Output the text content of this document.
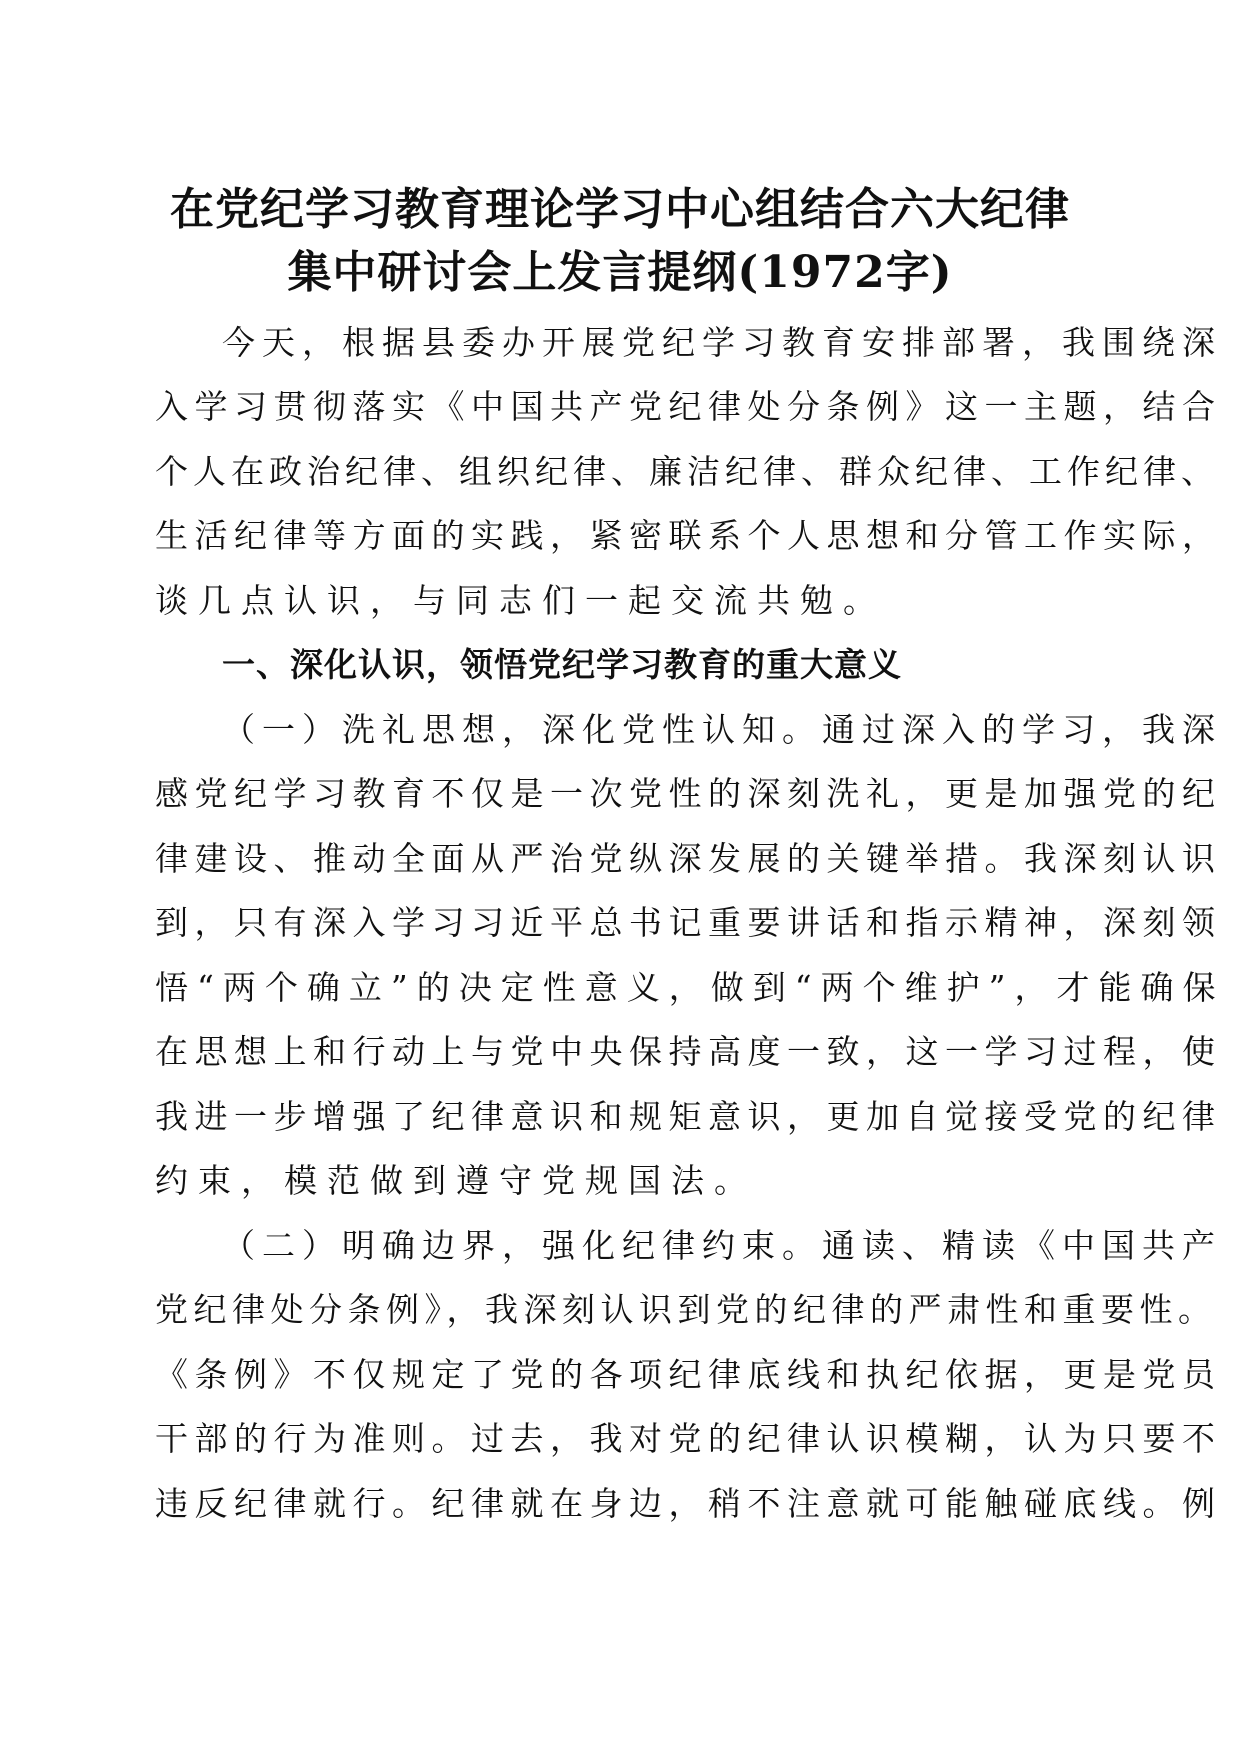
在党纪学习教育理论学习中心组结合六大纪律
集中研讨会上发言提纲(1972字)
今天，根据县委办开展党纪学习教育安排部署，我围绕深
入学习贯彻落实《中国共产党纪律处分条例》这一主题，结合
个人在政治纪律、组织纪律、廉洁纪律、群众纪律、工作纪律、
生活纪律等方面的实践，紧密联系个人思想和分管工作实际，
谈几点认识，与同志们一起交流共勉。
一、深化认识，领悟党纪学习教育的重大意义
（一）洗礼思想，深化党性认知。通过深入的学习，我深
感党纪学习教育不仅是一次党性的深刻洗礼，更是加强党的纪
律建设、推动全面从严治党纵深发展的关键举措。我深刻认识
到，只有深入学习习近平总书记重要讲话和指示精神，深刻领
悟“两个确立”的决定性意义，做到“两个维护”，才能确保
在思想上和行动上与党中央保持高度一致，这一学习过程，使
我进一步增强了纪律意识和规矩意识，更加自觉接受党的纪律
约束，模范做到遵守党规国法。
（二）明确边界，强化纪律约束。通读、精读《中国共产
党纪律处分条例》，我深刻认识到党的纪律的严肃性和重要性。
《条例》不仅规定了党的各项纪律底线和执纪依据，更是党员
干部的行为准则。过去，我对党的纪律认识模糊，认为只要不
违反纪律就行。纪律就在身边，稍不注意就可能触碰底线。例
